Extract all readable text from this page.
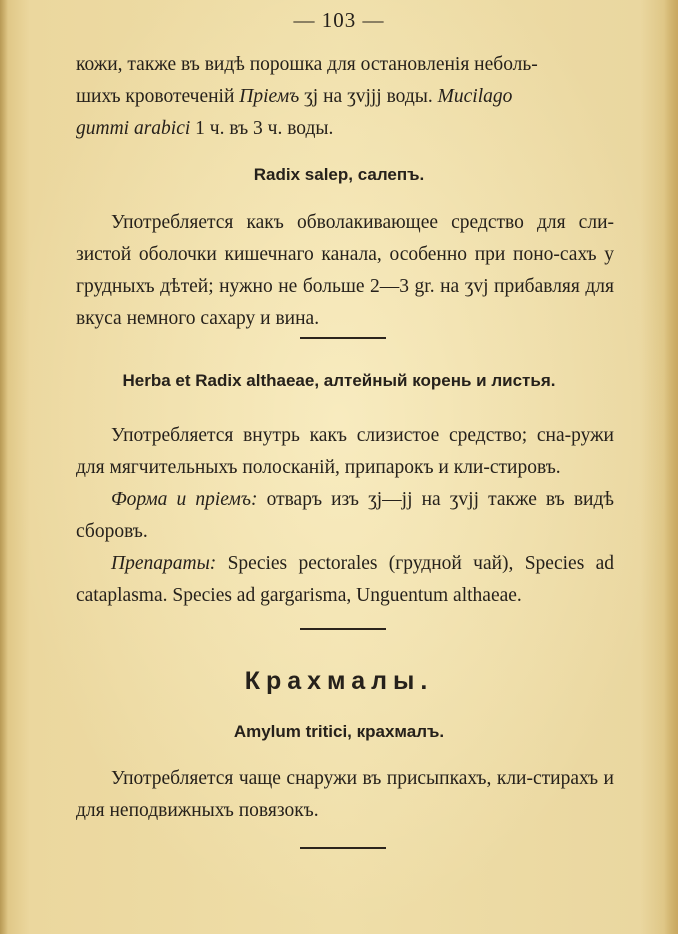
— 103 —

кожи, также въ видѣ порошка для остановленія неболь-

шихъ кровотеченій Пріемъ ʒj на ʒvjjj воды. Mucilago

gummi arabici 1 ч. въ 3 ч. воды.

Radix salep, салепъ.
Употребляется какъ обволакивающее средство для сли-зистой оболочки кишечнаго канала, особенно при поно-сахъ у грудныхъ дѣтей; нужно не больше 2—3 gr. на ʒvj прибавляя для вкуса немного сахару и вина.
Herba et Radix althaeae, алтейный корень и листья.

Употребляется внутрь какъ слизистое средство; сна-ружи для мягчительныхъ полосканій, припарокъ и кли-стировъ.

Форма и пріемъ: отваръ изъ ʒj—jj на ʒvjj также въ видѣ сборовъ.

Препараты: Species pectorales (грудной чай), Species ad cataplasma. Species ad gargarisma, Unguentum althaeae.

Крахмалы.
Amylum tritici, крахмалъ.
Употребляется чаще снаружи въ присыпкахъ, кли-стирахъ и для неподвижныхъ повязокъ.
